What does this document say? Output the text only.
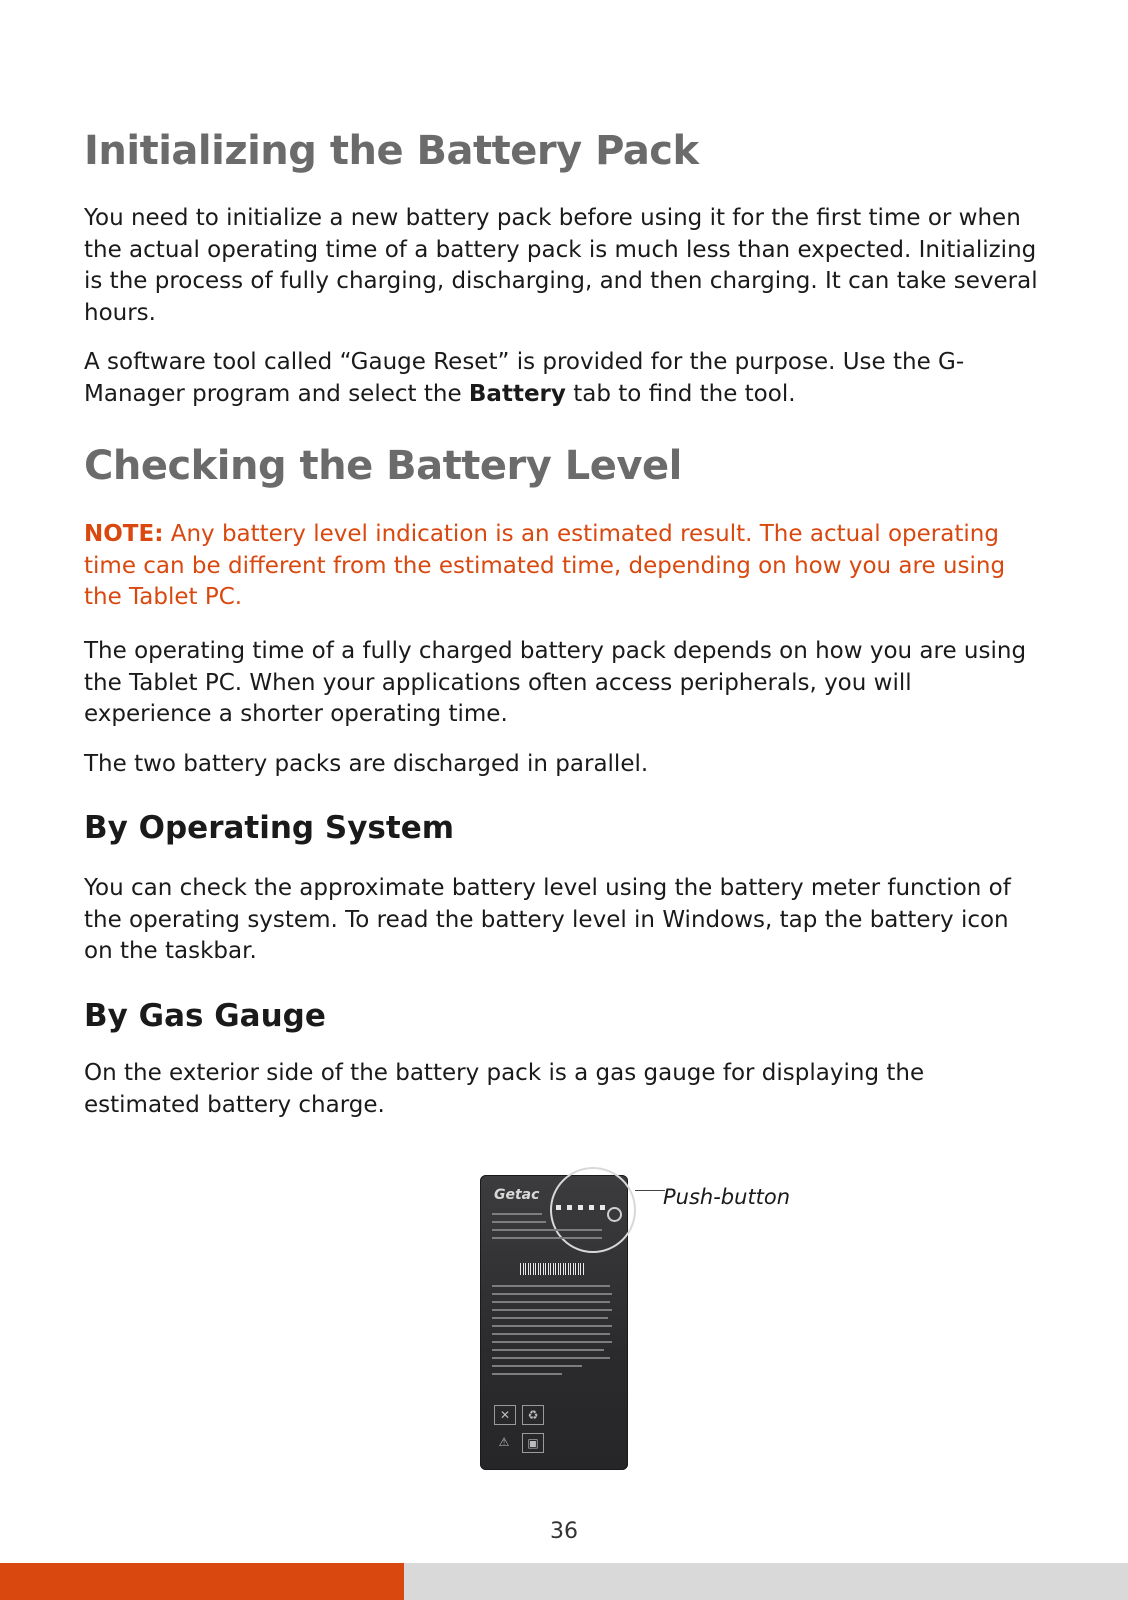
Initializing the Battery Pack

You need to initialize a new battery pack before using it for the first time or when the actual operating time of a battery pack is much less than expected. Initializing is the process of fully charging, discharging, and then charging. It can take several hours.

A software tool called “Gauge Reset” is provided for the purpose. Use the G-Manager program and select the Battery tab to find the tool.

Checking the Battery Level

NOTE: Any battery level indication is an estimated result. The actual operating time can be different from the estimated time, depending on how you are using the Tablet PC.

The operating time of a fully charged battery pack depends on how you are using the Tablet PC. When your applications often access peripherals, you will experience a shorter operating time.

The two battery packs are discharged in parallel.

By Operating System

You can check the approximate battery level using the battery meter function of the operating system. To read the battery level in Windows, tap the battery icon on the taskbar.

By Gas Gauge

On the exterior side of the battery pack is a gas gauge for displaying the estimated battery charge.

Getac
✕	♻
⚠	▣
Push-button
36
